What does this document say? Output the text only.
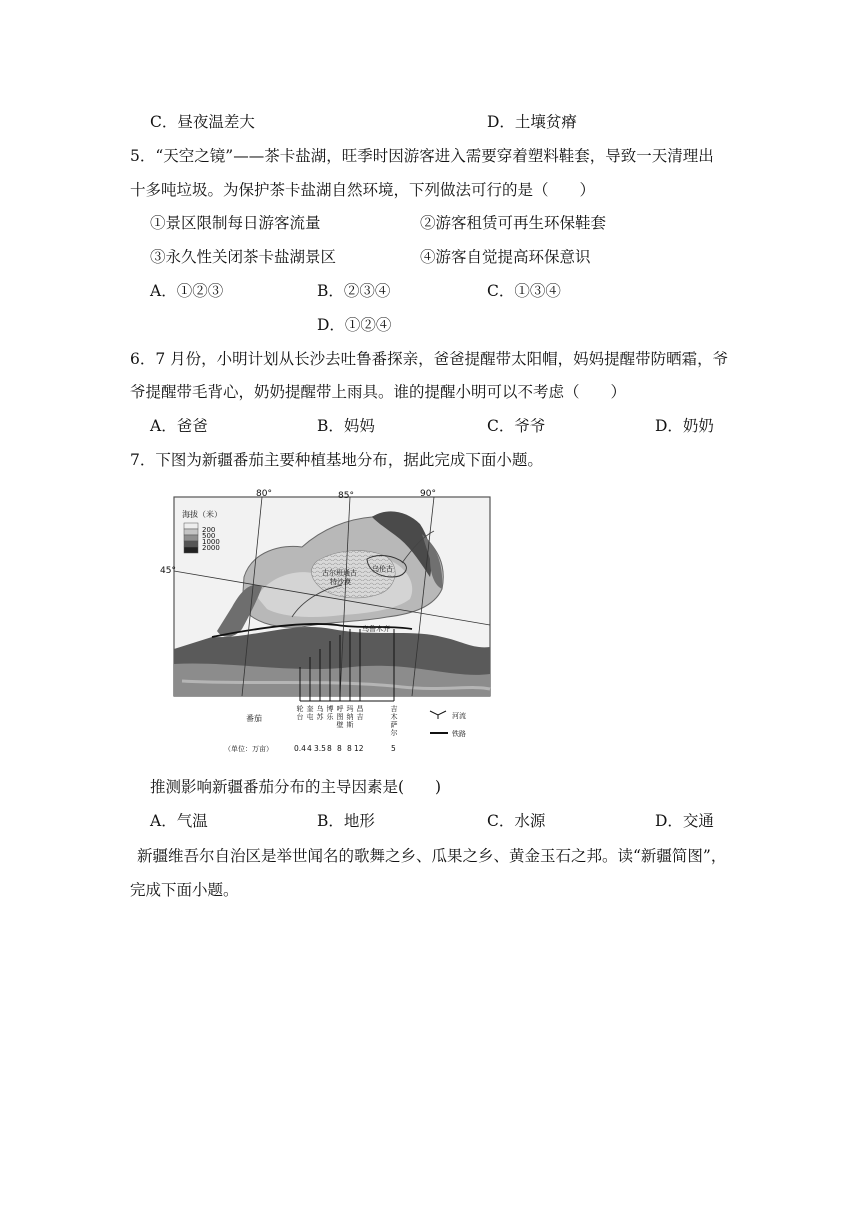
C．昼夜温差大	D．土壤贫瘠
5．“天空之镜”——茶卡盐湖，旺季时因游客进入需要穿着塑料鞋套，导致一天清理出
十多吨垃圾。为保护茶卡盐湖自然环境，下列做法可行的是（　　）
①景区限制每日游客流量	②游客租赁可再生环保鞋套
③永久性关闭茶卡盐湖景区	④游客自觉提高环保意识
A．①②③	B．②③④	C．①③④
D．①②④
6．7 月份，小明计划从长沙去吐鲁番探亲，爸爸提醒带太阳帽，妈妈提醒带防晒霜，爷
爷提醒带毛背心，奶奶提醒带上雨具。谁的提醒小明可以不考虑（　　）
A．爸爸	B．妈妈	C．爷爷	D．奶奶
7．下图为新疆番茄主要种植基地分布，据此完成下面小题。
海拔（米）
200
500
1000
2000
80°	85°	90°
45°	古尔班通古
特沙漠
乌伦古
乌鲁木齐
轮
台
奎
屯
乌
苏
博
乐
呼
图
壁
玛
纳
斯
昌
吉
吉
木
萨
尔
0.4 4 3.5 8 8 8 12	5
番茄
（单位：万亩）
河流
铁路
推测影响新疆番茄分布的主导因素是(　　)
A．气温	B．地形	C．水源	D．交通
新疆维吾尔自治区是举世闻名的歌舞之乡、瓜果之乡、黄金玉石之邦。读“新疆简图”，
完成下面小题。
